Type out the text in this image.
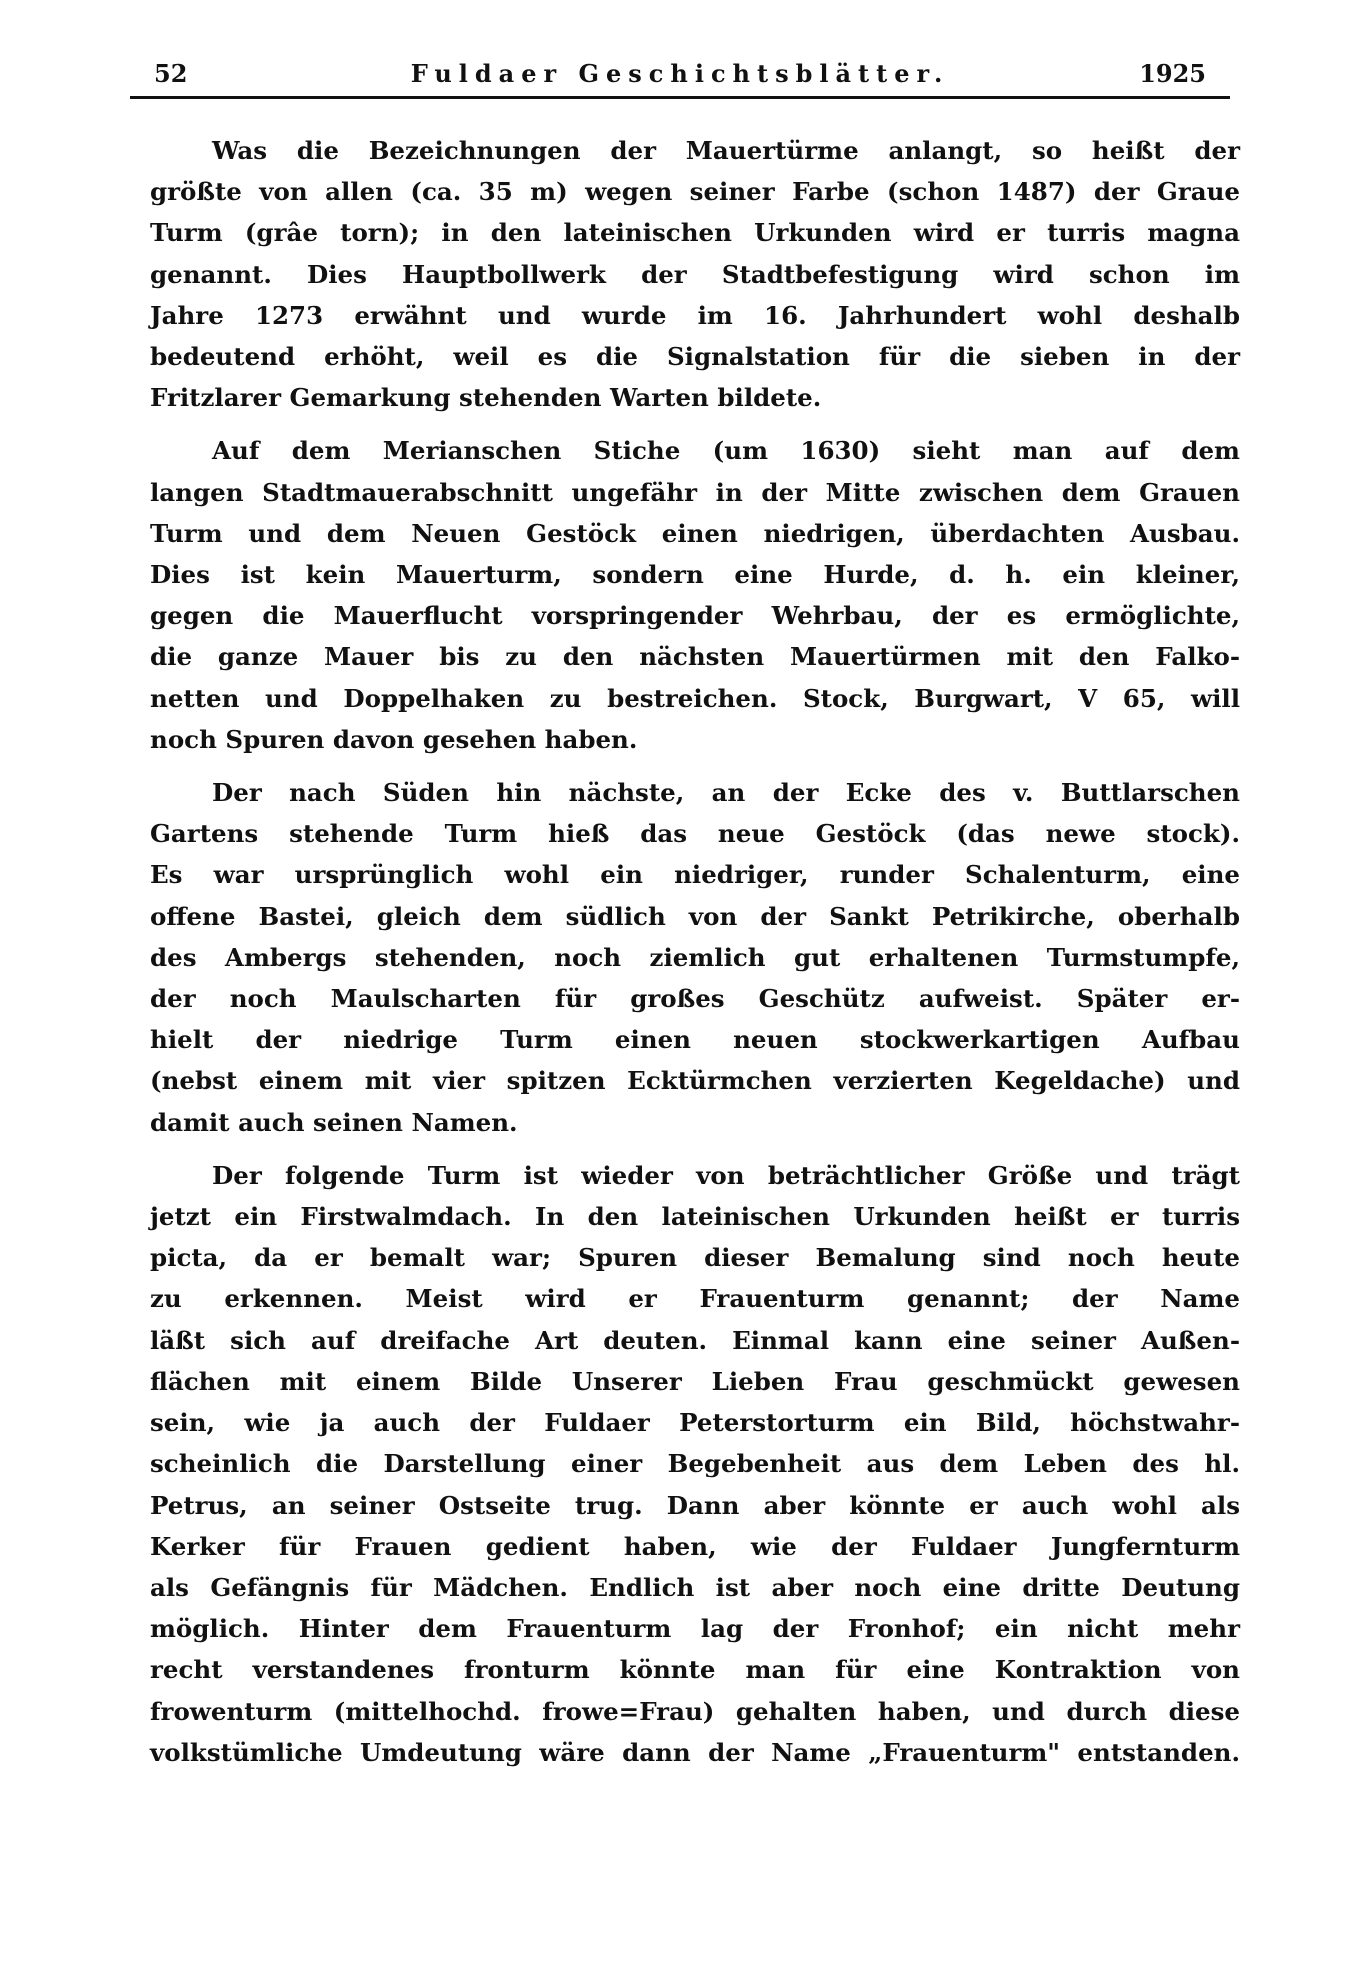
Fuldaer Geschichtsblätter.
52	1925

Was die Bezeichnungen der Mauertürme anlangt, so heißt der
größte von allen (ca. 35 m) wegen seiner Farbe (schon 1487) der Graue
Turm (grâe torn); in den lateinischen Urkunden wird er turris magna
genannt. Dies Hauptbollwerk der Stadtbefestigung wird schon im
Jahre 1273 erwähnt und wurde im 16. Jahrhundert wohl deshalb
bedeutend erhöht, weil es die Signalstation für die sieben in der
Fritzlarer Gemarkung stehenden Warten bildete.

Auf dem Merianschen Stiche (um 1630) sieht man auf dem
langen Stadtmauerabschnitt ungefähr in der Mitte zwischen dem Grauen
Turm und dem Neuen Gestöck einen niedrigen, überdachten Ausbau.
Dies ist kein Mauerturm, sondern eine Hurde, d. h. ein kleiner,
gegen die Mauerflucht vorspringender Wehrbau, der es ermöglichte,
die ganze Mauer bis zu den nächsten Mauertürmen mit den Falko-
netten und Doppelhaken zu bestreichen. Stock, Burgwart, V 65, will
noch Spuren davon gesehen haben.

Der nach Süden hin nächste, an der Ecke des v. Buttlarschen
Gartens stehende Turm hieß das neue Gestöck (das newe stock).
Es war ursprünglich wohl ein niedriger, runder Schalenturm, eine
offene Bastei, gleich dem südlich von der Sankt Petrikirche, oberhalb
des Ambergs stehenden, noch ziemlich gut erhaltenen Turmstumpfe,
der noch Maulscharten für großes Geschütz aufweist. Später er-
hielt der niedrige Turm einen neuen stockwerkartigen Aufbau
(nebst einem mit vier spitzen Ecktürmchen verzierten Kegeldache) und
damit auch seinen Namen.

Der folgende Turm ist wieder von beträchtlicher Größe und trägt
jetzt ein Firstwalmdach. In den lateinischen Urkunden heißt er turris
picta, da er bemalt war; Spuren dieser Bemalung sind noch heute
zu erkennen. Meist wird er Frauenturm genannt; der Name
läßt sich auf dreifache Art deuten. Einmal kann eine seiner Außen-
flächen mit einem Bilde Unserer Lieben Frau geschmückt gewesen
sein, wie ja auch der Fuldaer Peterstorturm ein Bild, höchstwahr-
scheinlich die Darstellung einer Begebenheit aus dem Leben des hl.
Petrus, an seiner Ostseite trug. Dann aber könnte er auch wohl als
Kerker für Frauen gedient haben, wie der Fuldaer Jungfernturm
als Gefängnis für Mädchen. Endlich ist aber noch eine dritte Deutung
möglich. Hinter dem Frauenturm lag der Fronhof; ein nicht mehr
recht verstandenes fronturm könnte man für eine Kontraktion von
frowenturm (mittelhochd. frowe=Frau) gehalten haben, und durch diese
volkstümliche Umdeutung wäre dann der Name „Frauenturm" entstanden.
